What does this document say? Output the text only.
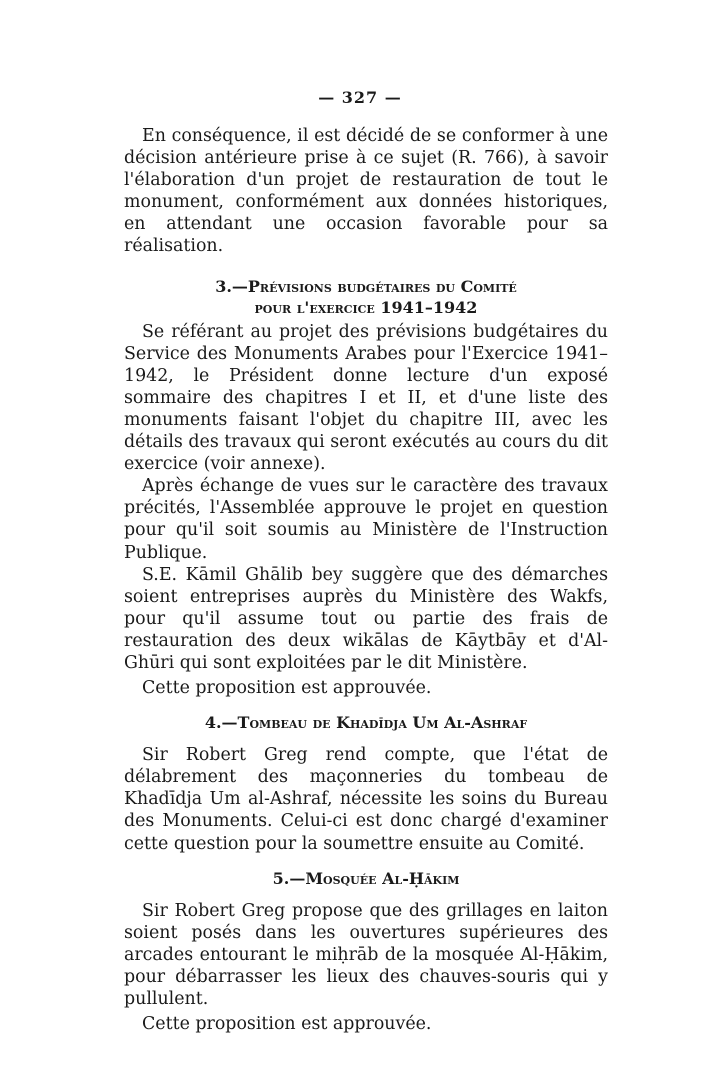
— 327 —

En conséquence, il est décidé de se conformer à une décision antérieure prise à ce sujet (R. 766), à savoir l'élaboration d'un projet de restauration de tout le monument, conformément aux données historiques, en attendant une occasion favorable pour sa réalisation.

3.—Prévisions budgétaires du Comité
pour l'exercice 1941–1942

Se référant au projet des prévisions budgétaires du Service des Monuments Arabes pour l'Exercice 1941–1942, le Président donne lecture d'un exposé sommaire des chapitres I et II, et d'une liste des monuments faisant l'objet du chapitre III, avec les détails des travaux qui seront exécutés au cours du dit exercice (voir annexe).

Après échange de vues sur le caractère des travaux précités, l'Assemblée approuve le projet en question pour qu'il soit soumis au Ministère de l'Instruction Publique.

S.E. Kāmil Ghālib bey suggère que des démarches soient entreprises auprès du Ministère des Wakfs, pour qu'il assume tout ou partie des frais de restauration des deux wikālas de Kāytbāy et d'Al-Ghūri qui sont exploitées par le dit Ministère.

Cette proposition est approuvée.

4.—Tombeau de Khadīdja Um Al-Ashraf

Sir Robert Greg rend compte, que l'état de délabrement des maçonneries du tombeau de Khadīdja Um al-Ashraf, nécessite les soins du Bureau des Monuments. Celui-ci est donc chargé d'examiner cette question pour la soumettre ensuite au Comité.

5.—Mosquée Al-Ḥākim

Sir Robert Greg propose que des grillages en laiton soient posés dans les ouvertures supérieures des arcades entourant le miḥrāb de la mosquée Al-Ḥākim, pour débarrasser les lieux des chauves-souris qui y pullulent.

Cette proposition est approuvée.
